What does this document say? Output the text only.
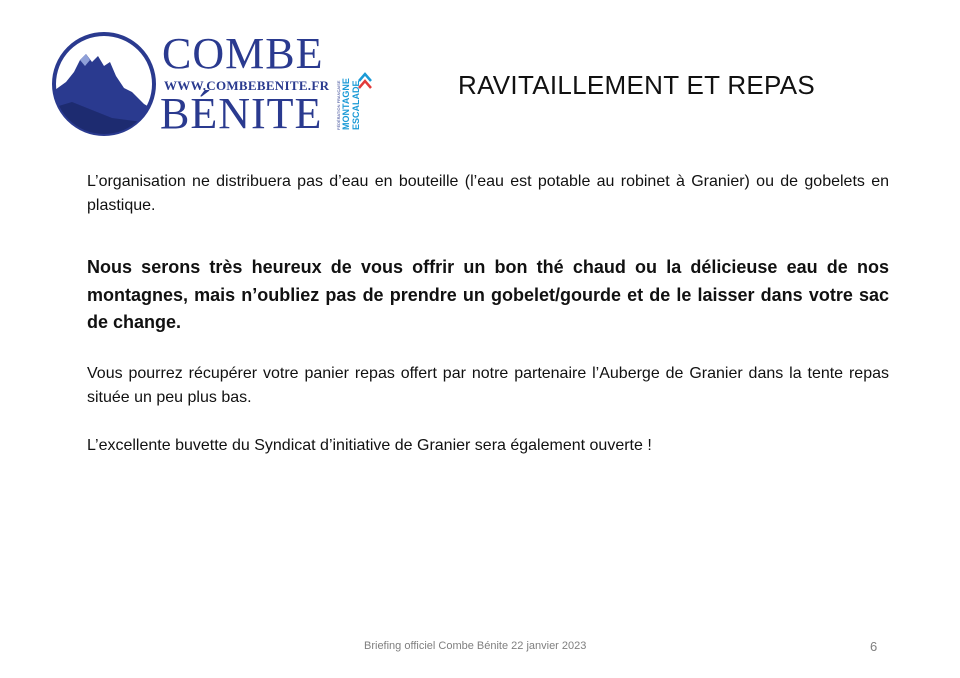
COMBE
WWW.COMBEBENITE.FR
BÉNITE	FÉDÉRATION FRANÇAISE MONTAGNE ESCALADE	RAVITAILLEMENT ET REPAS

L’organisation ne distribuera pas d’eau en bouteille (l’eau est potable au robinet à Granier) ou de gobelets en plastique.

Nous serons très heureux de vous offrir un bon thé chaud ou la délicieuse eau de nos montagnes, mais n’oubliez pas de prendre un gobelet/gourde et de le laisser dans votre sac de change.

Vous pourrez récupérer votre panier repas offert par notre partenaire l’Auberge de Granier dans la tente repas située un peu plus bas.

L’excellente buvette du Syndicat d’initiative de Granier sera également ouverte !

Briefing officiel Combe Bénite 22 janvier 2023	6
